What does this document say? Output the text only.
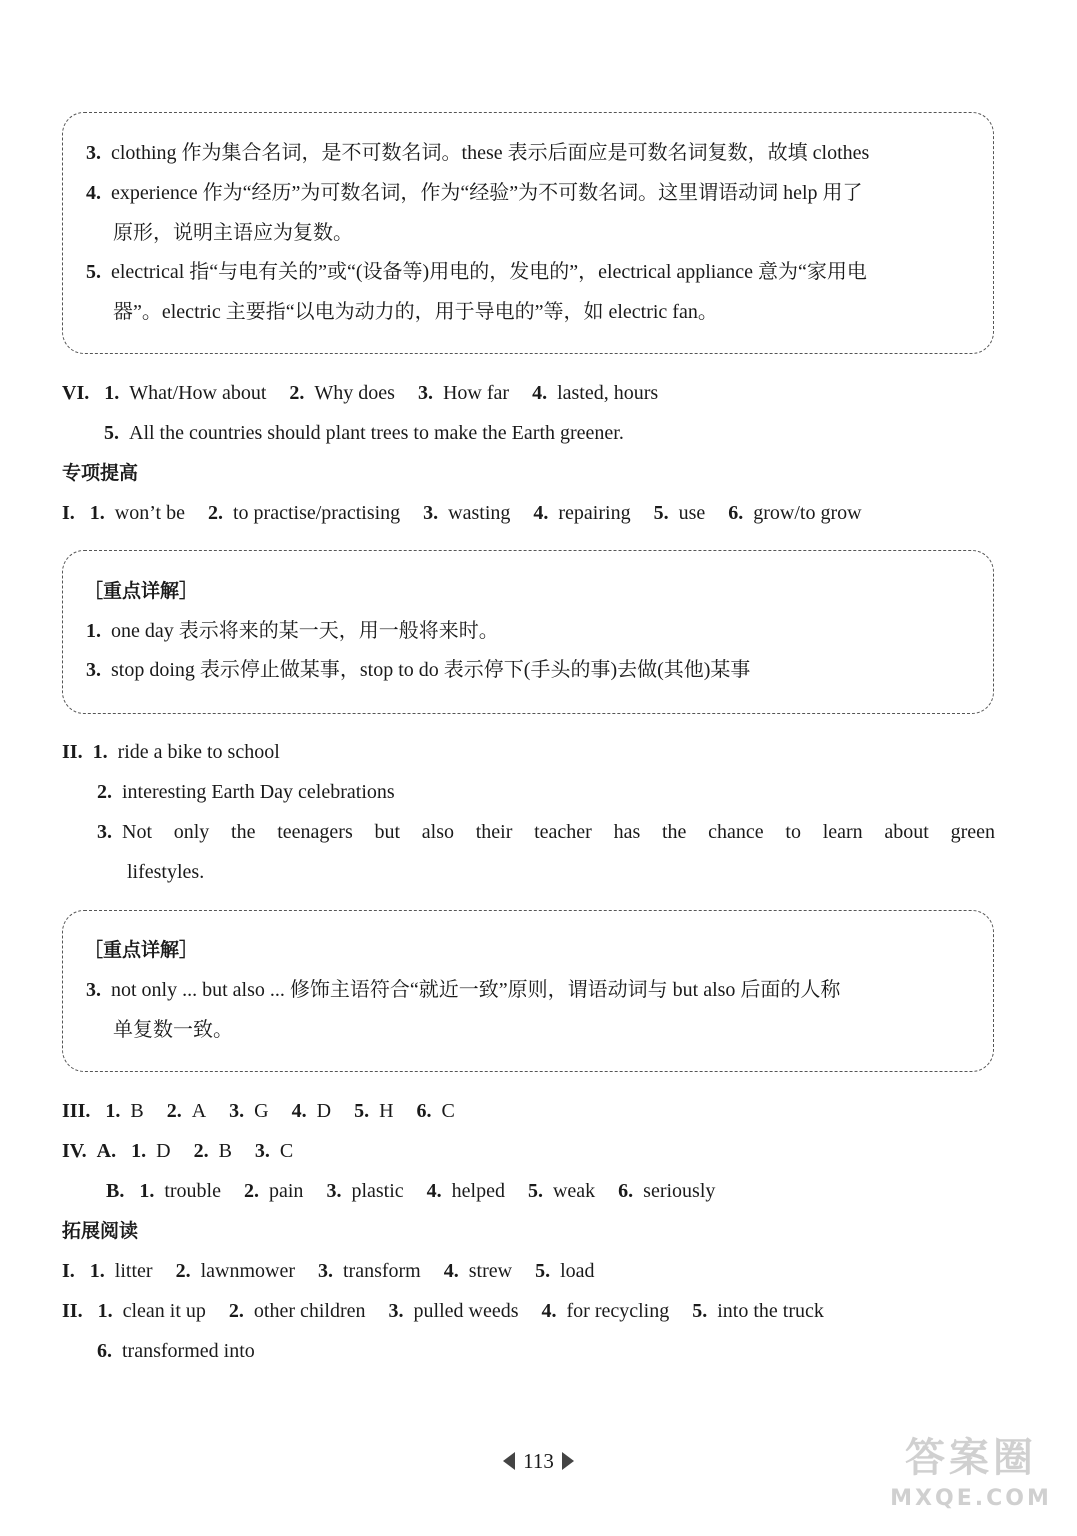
3. clothing 作为集合名词，是不可数名词。these 表示后面应是可数名词复数，故填 clothes
4. experience 作为“经历”为可数名词，作为“经验”为不可数名词。这里谓语动词 help 用了
原形，说明主语应为复数。
5. electrical 指“与电有关的”或“(设备等)用电的，发电的”，electrical appliance 意为“家用电
器”。electric 主要指“以电为动力的，用于导电的”等，如 electric fan。
VI. 1. What/How about 2. Why does 3. How far 4. lasted, hours
5. All the countries should plant trees to make the Earth greener.
专项提高
I. 1. won’t be 2. to practise/practising 3. wasting 4. repairing 5. use 6. grow/to grow
［重点详解］
1. one day 表示将来的某一天，用一般将来时。
3. stop doing 表示停止做某事，stop to do 表示停下(手头的事)去做(其他)某事
II. 1. ride a bike to school
2. interesting Earth Day celebrations
3. Not only the teenagers but also their teacher has the chance to learn about green
lifestyles.
［重点详解］
3. not only ... but also ... 修饰主语符合“就近一致”原则，谓语动词与 but also 后面的人称
单复数一致。
III. 1. B 2. A 3. G 4. D 5. H 6. C
IV. A. 1. D 2. B 3. C
B. 1. trouble 2. pain 3. plastic 4. helped 5. weak 6. seriously
拓展阅读
I. 1. litter 2. lawnmower 3. transform 4. strew 5. load
II. 1. clean it up 2. other children 3. pulled weeds 4. for recycling 5. into the truck
6. transformed into
113	答案圈
MXQE.COM
